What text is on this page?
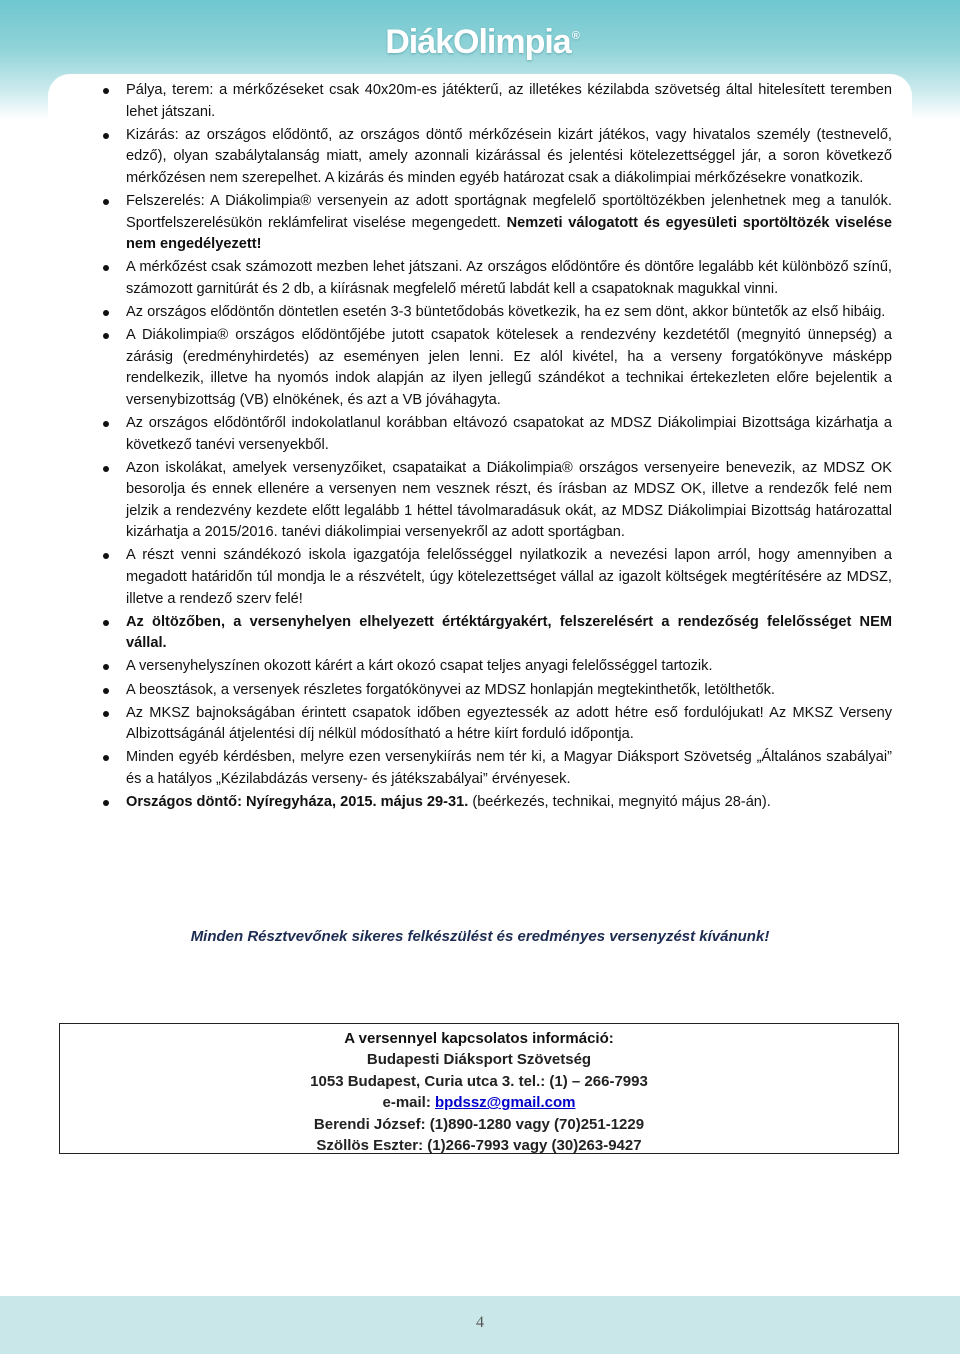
DiákOlimpia®
Pálya, terem: a mérkőzéseket csak 40x20m-es játékterű, az illetékes kézilabda szövetség által hitelesített teremben lehet játszani.
Kizárás: az országos elődöntő, az országos döntő mérkőzésein kizárt játékos, vagy hivatalos személy (testnevelő, edző), olyan szabálytalanság miatt, amely azonnali kizárással és jelentési kötelezettséggel jár, a soron következő mérkőzésen nem szerepelhet. A kizárás és minden egyéb határozat csak a diákolimpiai mérkőzésekre vonatkozik.
Felszerelés: A Diákolimpia® versenyein az adott sportágnak megfelelő sportöltözékben jelenhetnek meg a tanulók. Sportfelszerelésükön reklámfelirat viselése megengedett. Nemzeti válogatott és egyesületi sportöltözék viselése nem engedélyezett!
A mérkőzést csak számozott mezben lehet játszani. Az országos elődöntőre és döntőre legalább két különböző színű, számozott garnitúrát és 2 db, a kiírásnak megfelelő méretű labdát kell a csapatoknak magukkal vinni.
Az országos elődöntőn döntetlen esetén 3-3 büntetődobás következik, ha ez sem dönt, akkor büntetők az első hibáig.
A Diákolimpia® országos elődöntőjébe jutott csapatok kötelesek a rendezvény kezdetétől (megnyitó ünnepség) a zárásig (eredményhirdetés) az eseményen jelen lenni. Ez alól kivétel, ha a verseny forgatókönyve másképp rendelkezik, illetve ha nyomós indok alapján az ilyen jellegű szándékot a technikai értekezleten előre bejelentik a versenybizottság (VB) elnökének, és azt a VB jóváhagyta.
Az országos elődöntőről indokolatlanul korábban eltávozó csapatokat az MDSZ Diákolimpiai Bizottsága kizárhatja a következő tanévi versenyekből.
Azon iskolákat, amelyek versenyzőiket, csapataikat a Diákolimpia® országos versenyeire benevezik, az MDSZ OK besorolja és ennek ellenére a versenyen nem vesznek részt, és írásban az MDSZ OK, illetve a rendezők felé nem jelzik a rendezvény kezdete előtt legalább 1 héttel távolmaradásuk okát, az MDSZ Diákolimpiai Bizottság határozattal kizárhatja a 2015/2016. tanévi diákolimpiai versenyekről az adott sportágban.
A részt venni szándékozó iskola igazgatója felelősséggel nyilatkozik a nevezési lapon arról, hogy amennyiben a megadott határidőn túl mondja le a részvételt, úgy kötelezettséget vállal az igazolt költségek megtérítésére az MDSZ, illetve a rendező szerv felé!
Az öltözőben, a versenyhelyen elhelyezett értéktárgyakért, felszerelésért a rendezőség felelősséget NEM vállal.
A versenyhelyszínen okozott kárért a kárt okozó csapat teljes anyagi felelősséggel tartozik.
A beosztások, a versenyek részletes forgatókönyvei az MDSZ honlapján megtekinthetők, letölthetők.
Az MKSZ bajnokságában érintett csapatok időben egyeztessék az adott hétre eső fordulójukat! Az MKSZ Verseny Albizottságánál átjelentési díj nélkül módosítható a hétre kiírt forduló időpontja.
Minden egyéb kérdésben, melyre ezen versenykiírás nem tér ki, a Magyar Diáksport Szövetség „Általános szabályai” és a hatályos „Kézilabdázás verseny- és játékszabályai” érvényesek.
Országos döntő: Nyíregyháza, 2015. május 29-31. (beérkezés, technikai, megnyitó május 28-án).
Minden Résztvevőnek sikeres felkészülést és eredményes versenyzést kívánunk!
A versennyel kapcsolatos információ:
Budapesti Diáksport Szövetség
1053 Budapest, Curia utca 3. tel.: (1) – 266-7993
e-mail: bpdssz@gmail.com
Berendi József: (1)890-1280 vagy (70)251-1229
Szöllös Eszter: (1)266-7993 vagy (30)263-9427
4
